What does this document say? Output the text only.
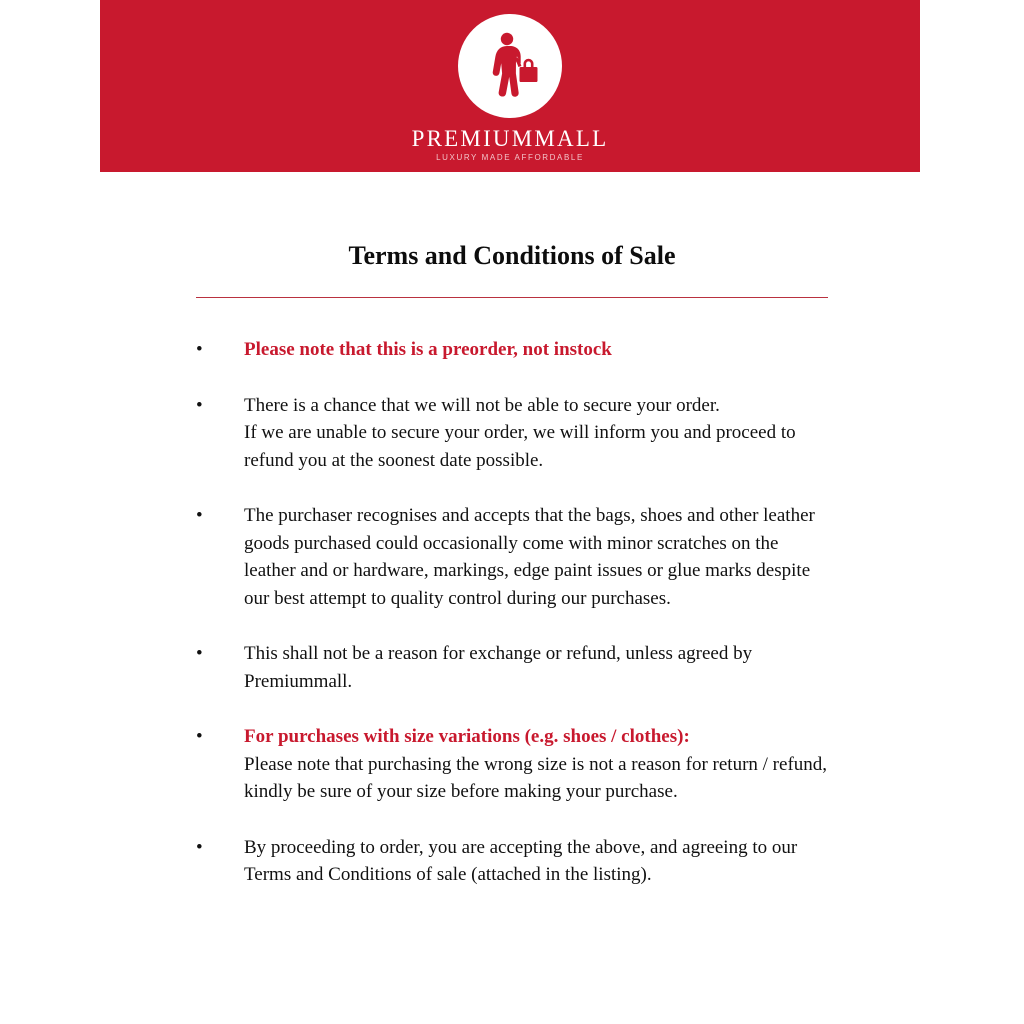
PREMIUMMALL
LUXURY MADE AFFORDABLE
Terms and Conditions of Sale
•	Please note that this is a preorder, not instock

•	There is a chance that we will not be able to secure your order.

If we are unable to secure your order, we will inform you and proceed to refund you at the soonest date possible.

•	The purchaser recognises and accepts that the bags, shoes and other leather goods purchased could occasionally come with minor scratches on the leather and or hardware, markings, edge paint issues or glue marks despite our best attempt to quality control during our purchases.

•	This shall not be a reason for exchange or refund, unless agreed by Premiummall.

•	For purchases with size variations (e.g. shoes / clothes):

Please note that purchasing the wrong size is not a reason for return / refund, kindly be sure of your size before making your purchase.

•	By proceeding to order, you are accepting the above, and agreeing to our Terms and Conditions of sale (attached in the listing).
